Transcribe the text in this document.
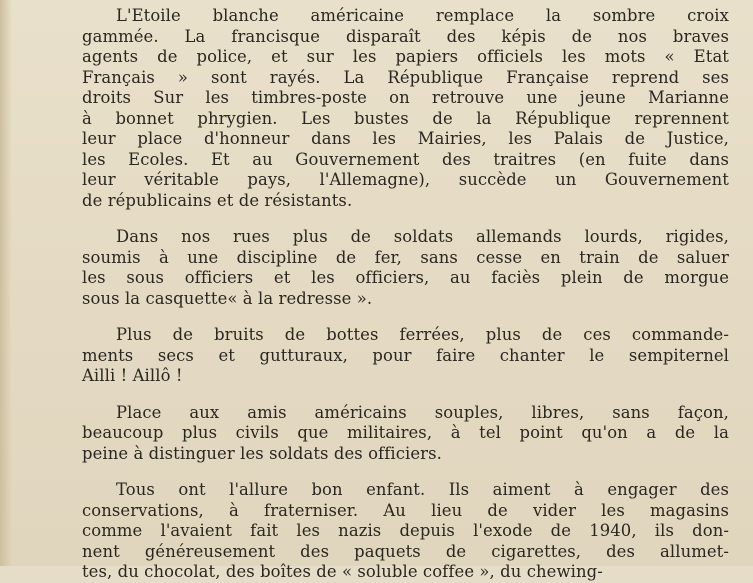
L'Etoile blanche américaine remplace la sombre croix
gammée. La francisque disparaît des képis de nos braves
agents de police, et sur les papiers officiels les mots « Etat
Français » sont rayés. La République Française reprend ses
droits Sur les timbres-poste on retrouve une jeune Marianne
à bonnet phrygien. Les bustes de la République reprennent
leur place d'honneur dans les Mairies, les Palais de Justice,
les Ecoles. Et au Gouvernement des traitres (en fuite dans
leur véritable pays, l'Allemagne), succède un Gouvernement
de républicains et de résistants.

Dans nos rues plus de soldats allemands lourds, rigides,
soumis à une discipline de fer, sans cesse en train de saluer
les sous officiers et les officiers, au faciès plein de morgue
sous la casquette« à la redresse ».

Plus de bruits de bottes ferrées, plus de ces commande-
ments secs et gutturaux, pour faire chanter le sempiternel
Ailli ! Aillô !

Place aux amis américains souples, libres, sans façon,
beaucoup plus civils que militaires, à tel point qu'on a de la
peine à distinguer les soldats des officiers.

Tous ont l'allure bon enfant. Ils aiment à engager des
conservations, à fraterniser. Au lieu de vider les magasins
comme l'avaient fait les nazis depuis l'exode de 1940, ils don-
nent généreusement des paquets de cigarettes, des allumet-
tes, du chocolat, des boîtes de « soluble coffee », du chewing-
